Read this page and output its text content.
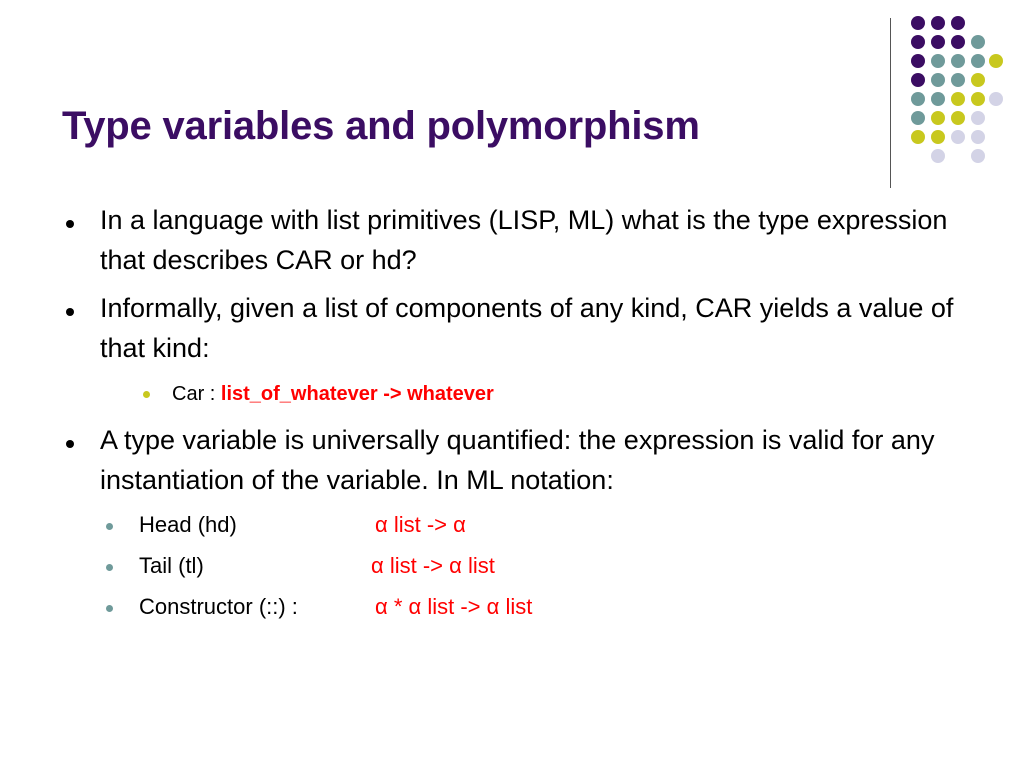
Type variables and polymorphism
In a language with list primitives (LISP, ML) what is the type expression that describes CAR or hd?
Informally, given a list of components of any kind, CAR yields a value of that kind:
Car : list_of_whatever -> whatever
A type variable is universally quantified: the expression is valid for any instantiation of the variable. In ML notation:
Head (hd)	α list -> α
Tail (tl)	α list -> α list
Constructor (::) :	α * α list -> α list
